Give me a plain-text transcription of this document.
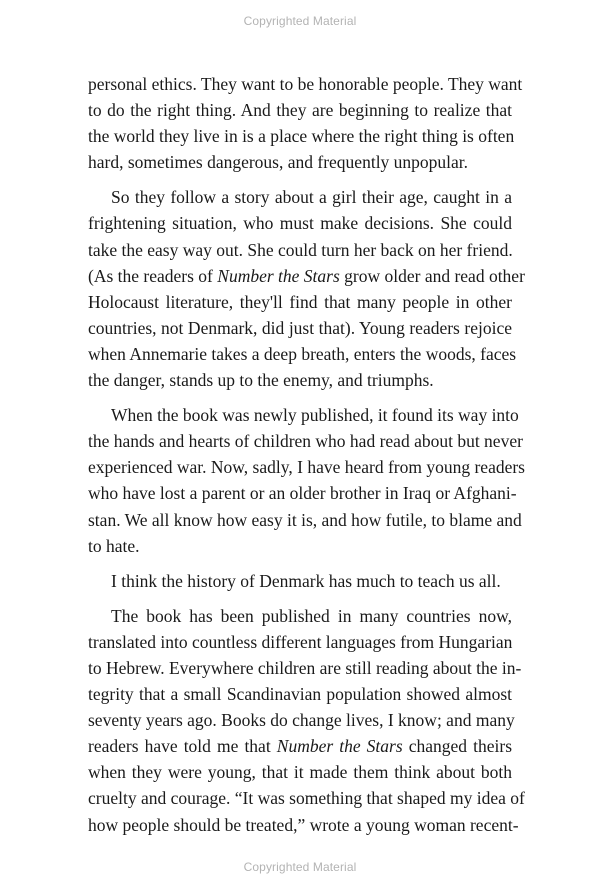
Copyrighted Material
personal ethics. They want to be honorable people. They want
to do the right thing. And they are beginning to realize that
the world they live in is a place where the right thing is often
hard, sometimes dangerous, and frequently unpopular.
So they follow a story about a girl their age, caught in a
frightening situation, who must make decisions. She could
take the easy way out. She could turn her back on her friend.
(As the readers of Number the Stars grow older and read other
Holocaust literature, they'll find that many people in other
countries, not Denmark, did just that). Young readers rejoice
when Annemarie takes a deep breath, enters the woods, faces
the danger, stands up to the enemy, and triumphs.
When the book was newly published, it found its way into
the hands and hearts of children who had read about but never
experienced war. Now, sadly, I have heard from young readers
who have lost a parent or an older brother in Iraq or Afghani-
stan. We all know how easy it is, and how futile, to blame and
to hate.
I think the history of Denmark has much to teach us all.
The book has been published in many countries now,
translated into countless different languages from Hungarian
to Hebrew. Everywhere children are still reading about the in-
tegrity that a small Scandinavian population showed almost
seventy years ago. Books do change lives, I know; and many
readers have told me that Number the Stars changed theirs
when they were young, that it made them think about both
cruelty and courage. “It was something that shaped my idea of
how people should be treated,” wrote a young woman recent-
Copyrighted Material
